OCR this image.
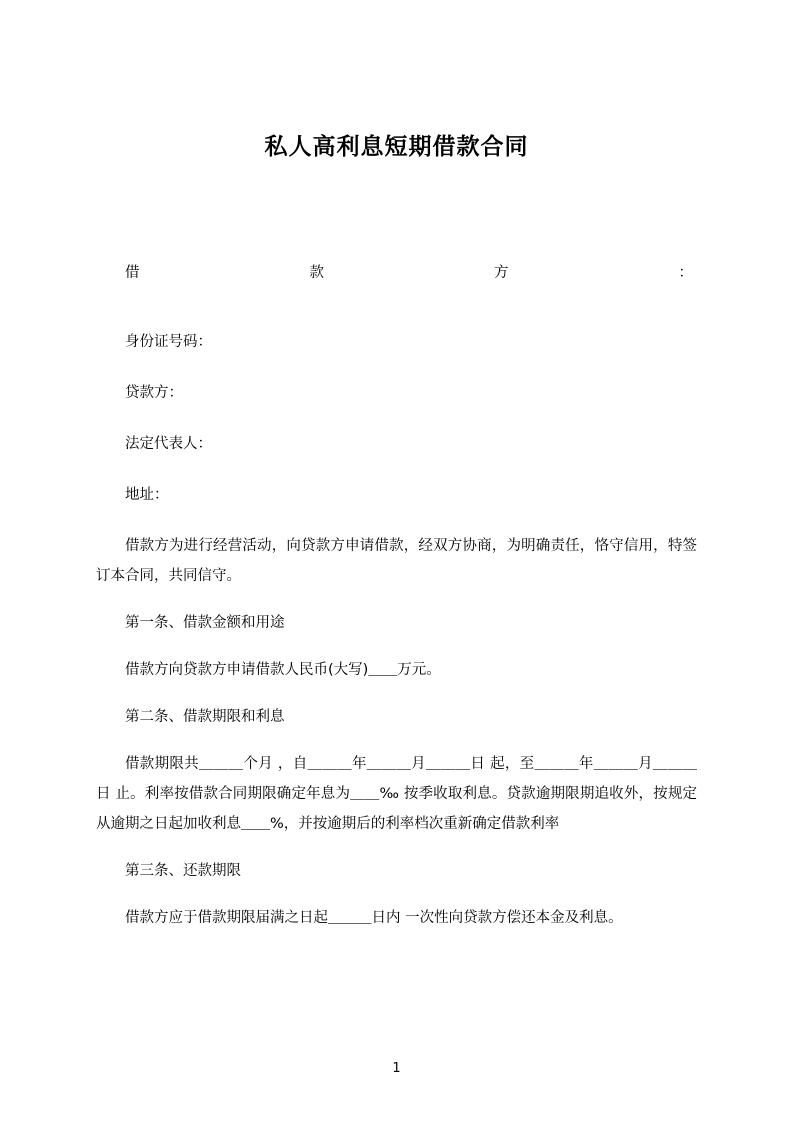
私人高利息短期借款合同
借	款	方	：
身份证号码：
贷款方：
法定代表人：
地址：
借款方为进行经营活动，向贷款方申请借款，经双方协商，为明确责任，恪守信用，特签订本合同，共同信守。
第一条、借款金额和用途
借款方向贷款方申请借款人民币(大写)＿＿万元。
第二条、借款期限和利息
借款期限共＿＿＿个月 ，自＿＿＿年＿＿＿月＿＿＿日 起，至＿＿＿年＿＿＿月＿＿＿日 止。利率按借款合同期限确定年息为＿＿‰ 按季收取利息。贷款逾期限期追收外，按规定从逾期之日起加收利息＿＿%，并按逾期后的利率档次重新确定借款利率
第三条、还款期限
借款方应于借款期限届满之日起＿＿＿日内 一次性向贷款方偿还本金及利息。
1
